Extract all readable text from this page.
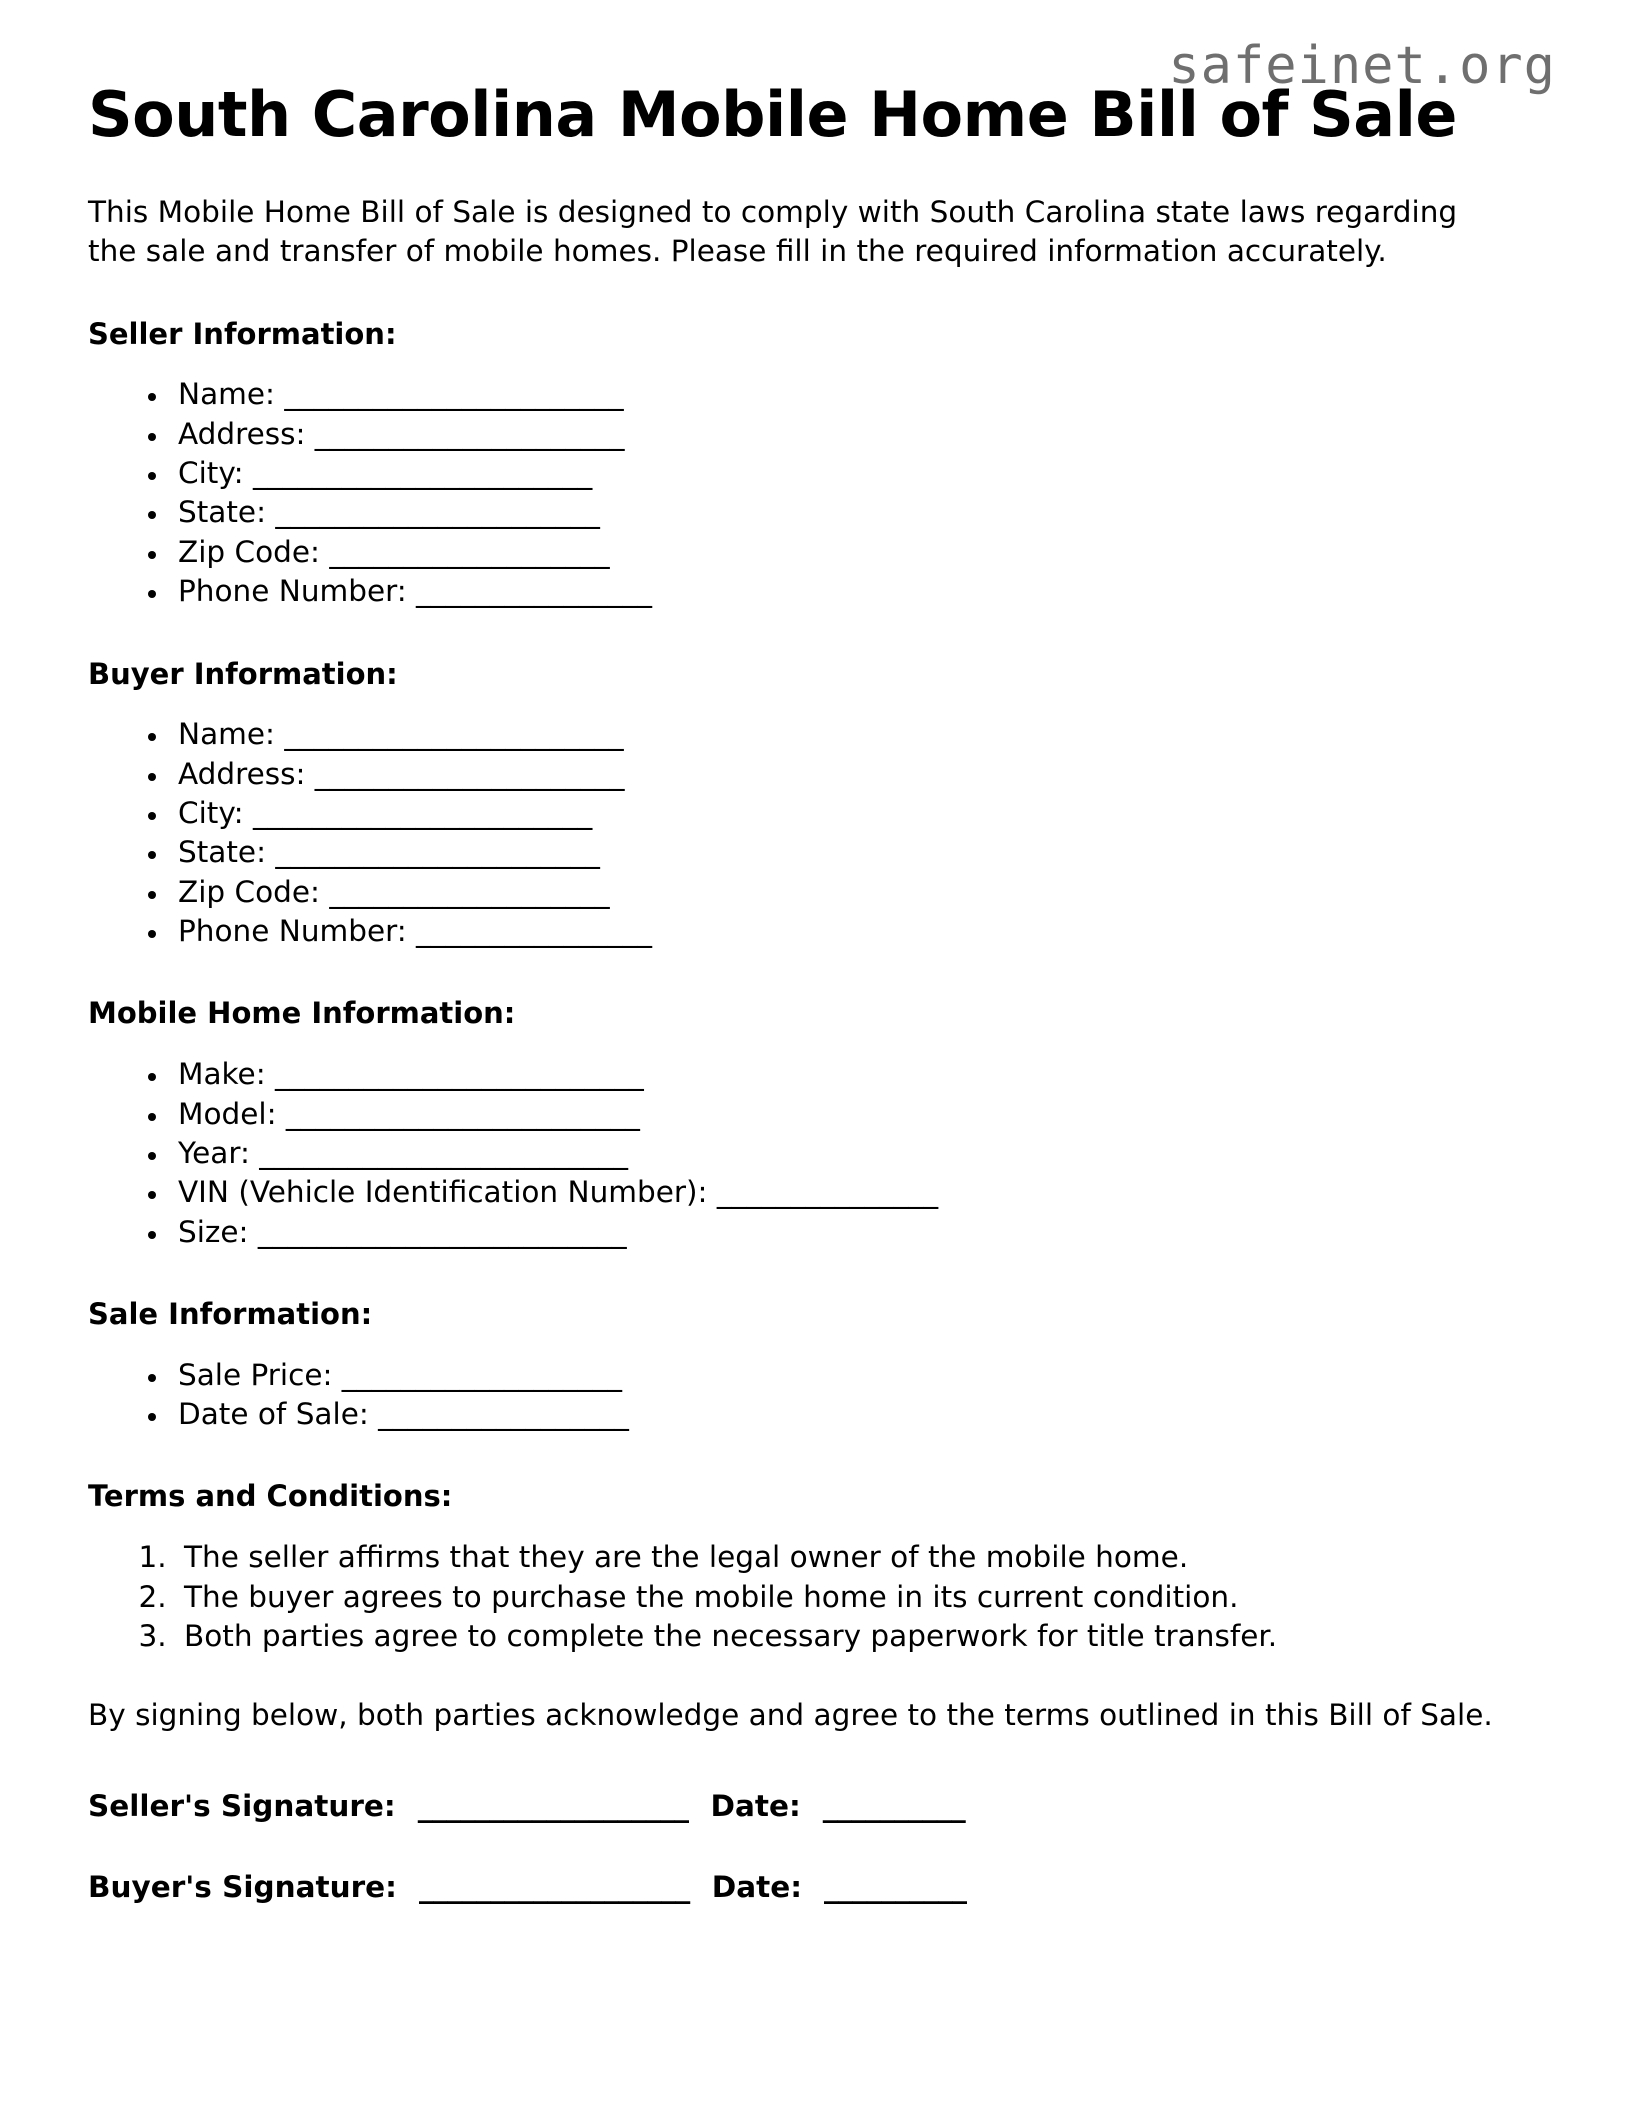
safeinet.org
South Carolina Mobile Home Bill of Sale

This Mobile Home Bill of Sale is designed to comply with South Carolina state laws regarding the sale and transfer of mobile homes. Please fill in the required information accurately.

Seller Information:
• Name: _______________________
• Address: _____________________
• City: _______________________
• State: ______________________
• Zip Code: ___________________
• Phone Number: ________________
Buyer Information:
• Name: _______________________
• Address: _____________________
• City: _______________________
• State: ______________________
• Zip Code: ___________________
• Phone Number: ________________
Mobile Home Information:
• Make: _________________________
• Model: ________________________
• Year: _________________________
• VIN (Vehicle Identification Number): _______________
• Size: _________________________
Sale Information:
• Sale Price: ___________________
• Date of Sale: _________________
Terms and Conditions:
1. The seller affirms that they are the legal owner of the mobile home.
2. The buyer agrees to purchase the mobile home in its current condition.
3. Both parties agree to complete the necessary paperwork for title transfer.

By signing below, both parties acknowledge and agree to the terms outlined in this Bill of Sale.

Seller's Signature: ___________________ Date: __________
Buyer's Signature: ___________________ Date: __________
